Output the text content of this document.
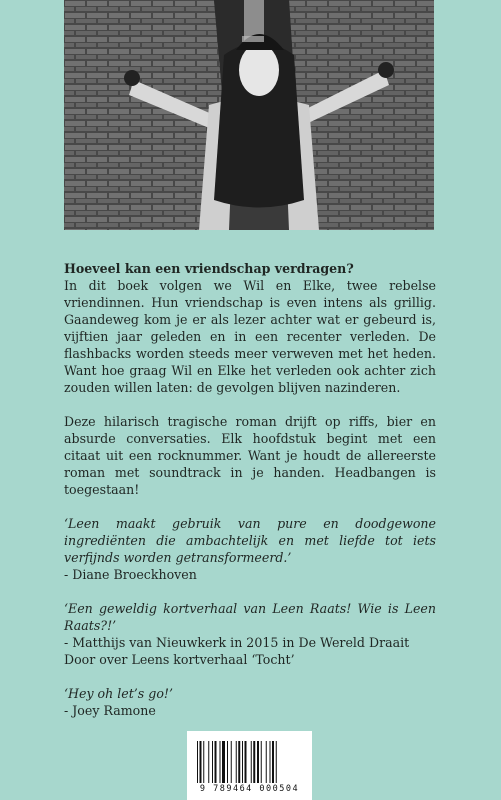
Hoeveel kan een vriendschap verdragen?

In dit boek volgen we Wil en Elke, twee rebelse vriendinnen. Hun vriendschap is even intens als grillig. Gaandeweg kom je er als lezer achter wat er gebeurd is, vijftien jaar geleden en in een recenter verleden. De flashbacks worden steeds meer verweven met het heden. Want hoe graag Wil en Elke het verleden ook achter zich zouden willen laten: de gevolgen blijven nazinderen.

Deze hilarisch tragische roman drijft op riffs, bier en absurde conversaties. Elk hoofdstuk begint met een citaat uit een rocknummer. Want je houdt de allereerste roman met soundtrack in je handen. Headbangen is toegestaan!

‘Leen maakt gebruik van pure en doodgewone ingrediënten die ambachtelijk en met liefde tot iets verfijnds worden getransformeerd.’

- Diane Broeckhoven

‘Een geweldig kortverhaal van Leen Raats! Wie is Leen Raats?!’

- Matthijs van Nieuwkerk in 2015 in De Wereld Draait Door over Leens kortverhaal ‘Tocht’

‘Hey oh let’s go!’

- Joey Ramone

9 789464 000504
